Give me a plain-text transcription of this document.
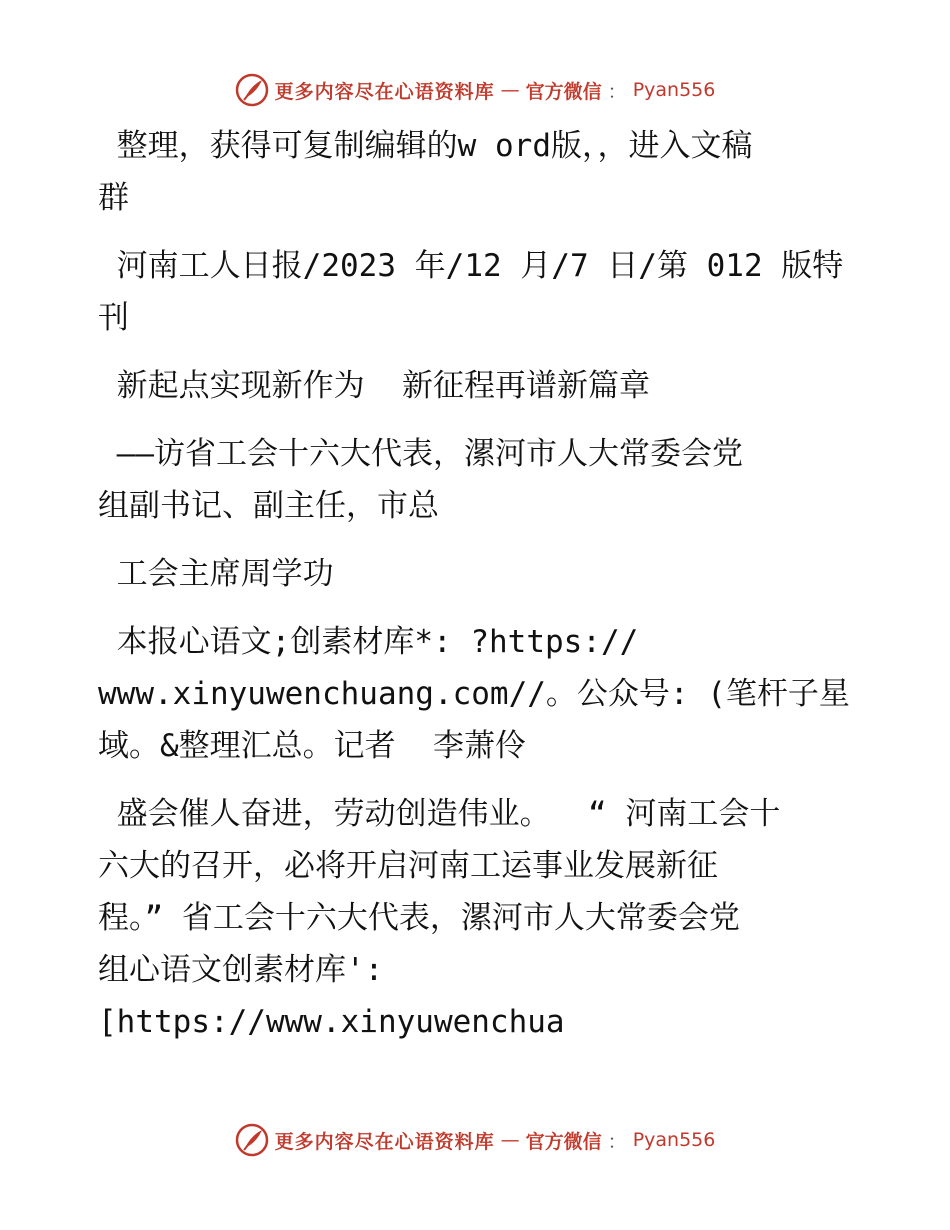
更多内容尽在心语资料库 — 官方微信 ： Pyan556

整理，获得可复制编辑的w ord版，，进入文稿
群

河南工人日报/2023 年/12 月/7 日/第 012 版特
刊

新起点实现新作为  新征程再谱新篇章

——访省工会十六大代表，漯河市人大常委会党
组副书记、副主任，市总

工会主席周学功

本报心语文;创素材库*: ?https://
www.xinyuwenchuang.com//。公众号: (笔杆子星
域。&整理汇总。记者  李萧伶

盛会催人奋进，劳动创造伟业。  “ 河南工会十
六大的召开，必将开启河南工运事业发展新征
程。” 省工会十六大代表，漯河市人大常委会党
组心语文创素材库': [https://www.xinyuwenchua

更多内容尽在心语资料库 — 官方微信 ： Pyan556
